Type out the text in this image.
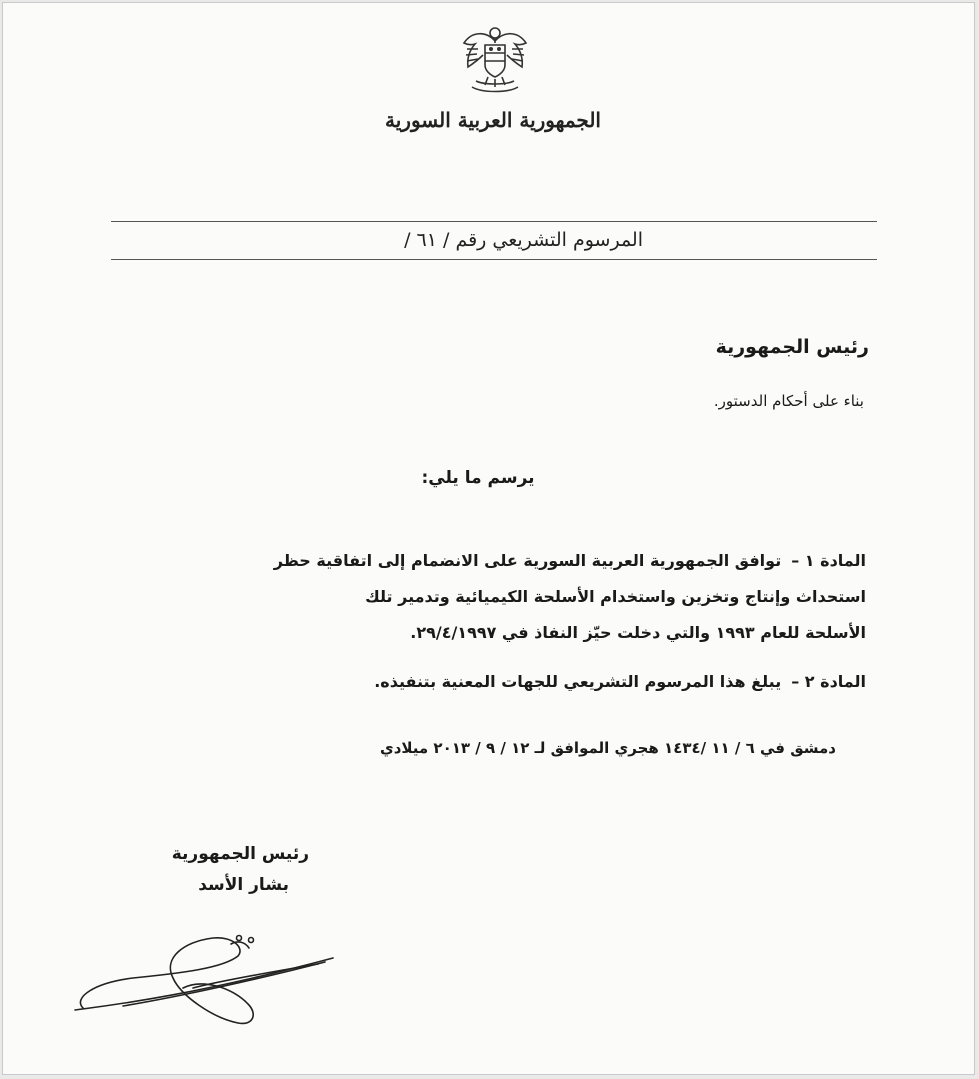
الجمهورية العربية السورية
المرسوم التشريعي رقم / ٦١ /
رئيس الجمهورية
بناء على أحكام الدستور.
يرسم ما يلي:
المادة ١ –توافق الجمهورية العربية السورية على الانضمام إلى اتفاقية حظر
استحداث وإنتاج وتخزين واستخدام الأسلحة الكيميائية وتدمير تلك
الأسلحة للعام ١٩٩٣ والتي دخلت حيّز النفاذ في ٢٩/٤/١٩٩٧.
المادة ٢ –يبلغ هذا المرسوم التشريعي للجهات المعنية بتنفيذه.
دمشق في ٦ / ١١ /١٤٣٤ هجري الموافق لـ ١٢ / ٩ / ٢٠١٣ ميلادي
رئيس الجمهورية
بشار الأسد
